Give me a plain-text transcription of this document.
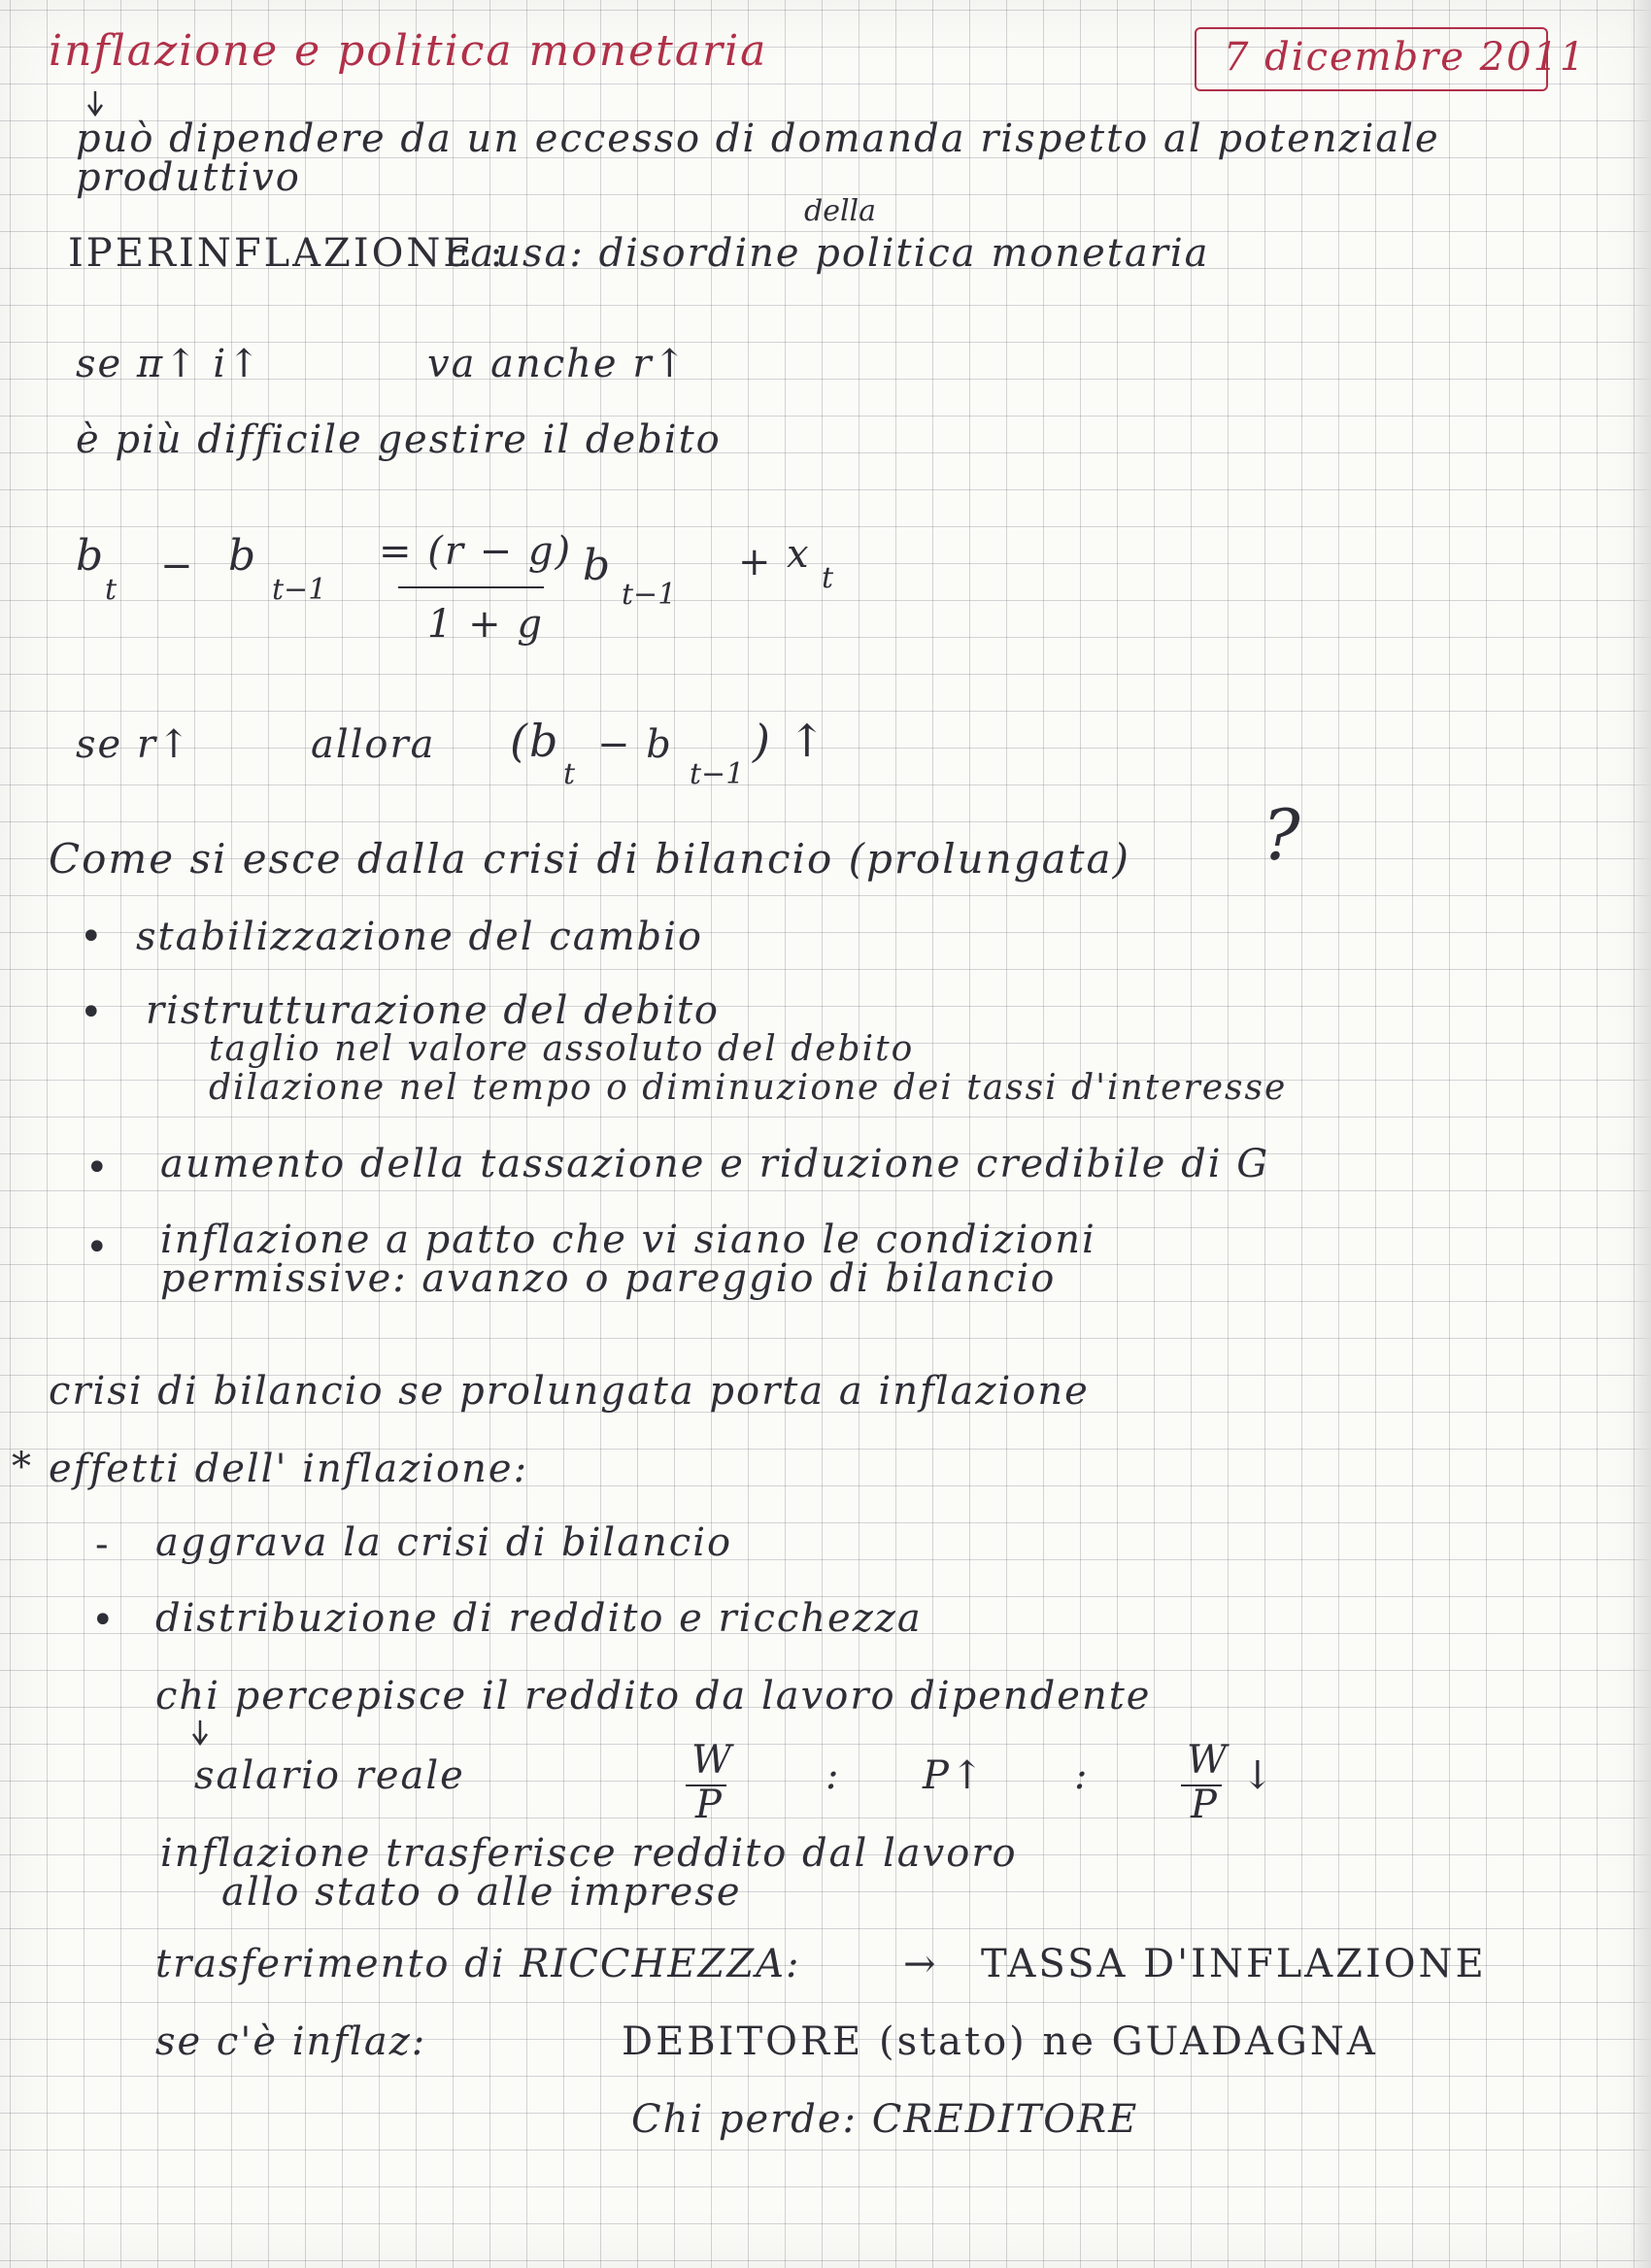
inflazione e politica monetaria	7 dicembre 2011
può dipendere da un eccesso di domanda rispetto al potenziale
produttivo
della
IPERINFLAZIONE :
causa: disordine politica monetaria
se π↑ i↑	va anche r↑
è più difficile gestire il debito
b
t
− b
t−1
= (r − g)
1 + g
b
t−1
+ x
t
se r↑	allora (b
t
− b
t−1
) ↑
Come si esce dalla crisi di bilancio (prolungata) ?
• stabilizzazione del cambio
• ristrutturazione del debito
taglio nel valore assoluto del debito
dilazione nel tempo o diminuzione dei tassi d'interesse
• aumento della tassazione e riduzione credibile di G
• inflazione a patto che vi siano le condizioni
permissive: avanzo o pareggio di bilancio
crisi di bilancio se prolungata porta a inflazione
* effetti dell' inflazione:
- aggrava la crisi di bilancio
• distribuzione di reddito e ricchezza
chi percepisce il reddito da lavoro dipendente
salario reale	W
P
: P↑ :	W
P
↓
inflazione trasferisce reddito dal lavoro
allo stato o alle imprese
trasferimento di RICCHEZZA:	→ TASSA D'INFLAZIONE
se c'è inflaz:	DEBITORE (stato) ne GUADAGNA
Chi perde: CREDITORE
